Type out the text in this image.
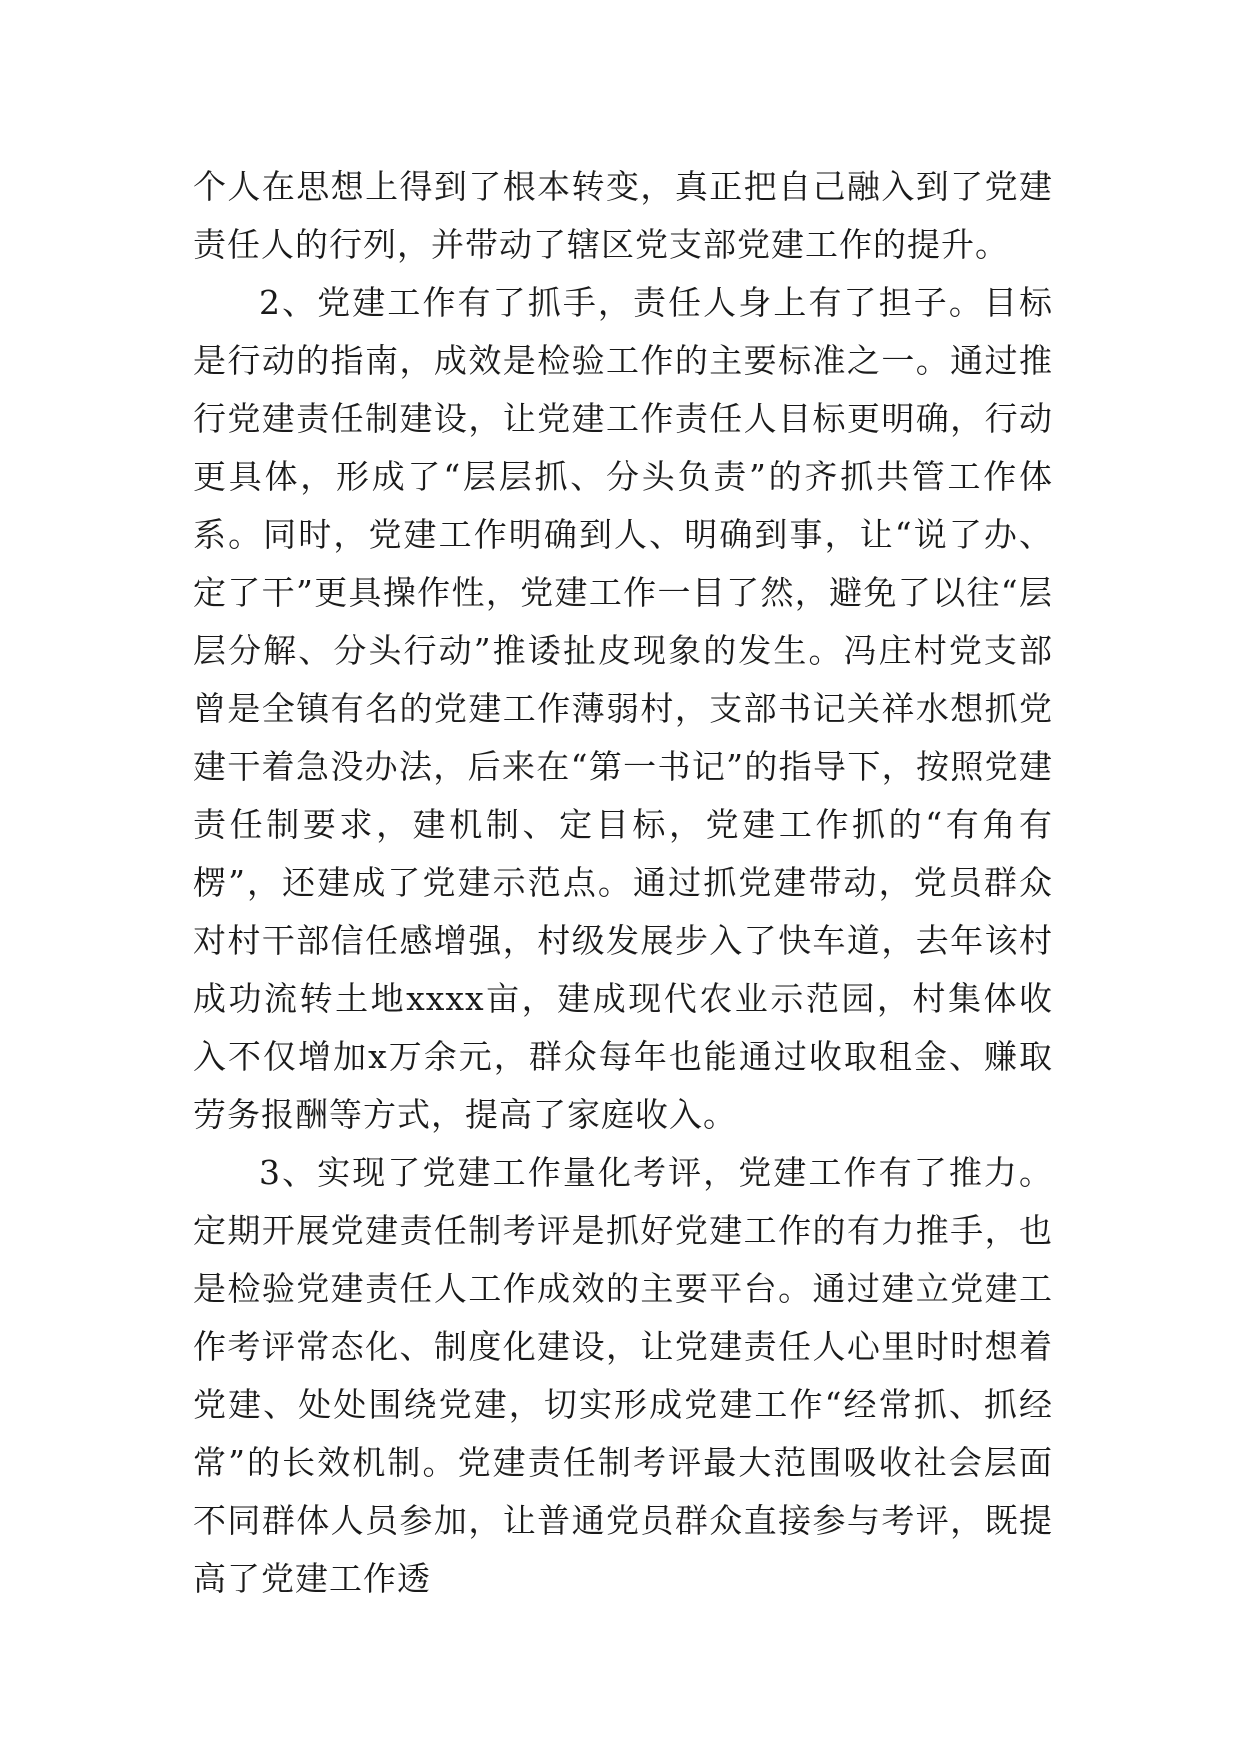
个人在思想上得到了根本转变，真正把自己融入到了党建责任人的行列，并带动了辖区党支部党建工作的提升。

2、党建工作有了抓手，责任人身上有了担子。目标是行动的指南，成效是检验工作的主要标准之一。通过推行党建责任制建设，让党建工作责任人目标更明确，行动更具体，形成了“层层抓、分头负责”的齐抓共管工作体系。同时，党建工作明确到人、明确到事，让“说了办、定了干”更具操作性，党建工作一目了然，避免了以往“层层分解、分头行动”推诿扯皮现象的发生。冯庄村党支部曾是全镇有名的党建工作薄弱村，支部书记关祥水想抓党建干着急没办法，后来在“第一书记”的指导下，按照党建责任制要求，建机制、定目标，党建工作抓的“有角有楞”，还建成了党建示范点。通过抓党建带动，党员群众对村干部信任感增强，村级发展步入了快车道，去年该村成功流转土地xxxx亩，建成现代农业示范园，村集体收入不仅增加x万余元，群众每年也能通过收取租金、赚取劳务报酬等方式，提高了家庭收入。

3、实现了党建工作量化考评，党建工作有了推力。定期开展党建责任制考评是抓好党建工作的有力推手，也是检验党建责任人工作成效的主要平台。通过建立党建工作考评常态化、制度化建设，让党建责任人心里时时想着党建、处处围绕党建，切实形成党建工作“经常抓、抓经常”的长效机制。党建责任制考评最大范围吸收社会层面不同群体人员参加，让普通党员群众直接参与考评，既提高了党建工作透
